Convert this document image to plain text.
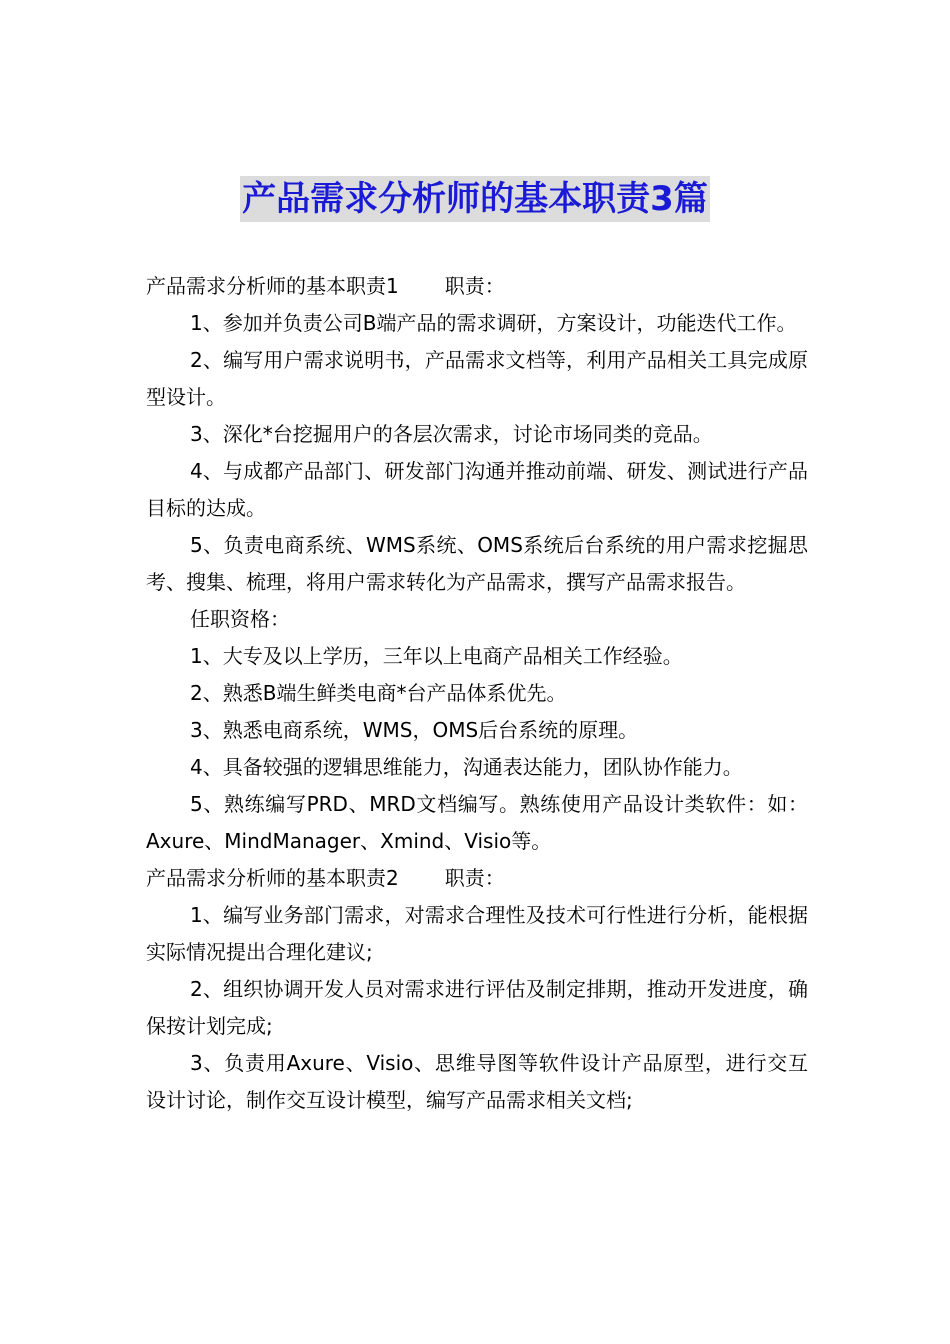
产品需求分析师的基本职责3篇

产品需求分析师的基本职责1 职责：

1、参加并负责公司B端产品的需求调研，方案设计，功能迭代工作。

2、编写用户需求说明书，产品需求文档等，利用产品相关工具完成原型设计。

3、深化*台挖掘用户的各层次需求，讨论市场同类的竞品。

4、与成都产品部门、研发部门沟通并推动前端、研发、测试进行产品目标的达成。

5、负责电商系统、WMS系统、OMS系统后台系统的用户需求挖掘思考、搜集、梳理，将用户需求转化为产品需求，撰写产品需求报告。

任职资格：

1、大专及以上学历，三年以上电商产品相关工作经验。

2、熟悉B端生鲜类电商*台产品体系优先。

3、熟悉电商系统，WMS，OMS后台系统的原理。

4、具备较强的逻辑思维能力，沟通表达能力，团队协作能力。

5、熟练编写PRD、MRD文档编写。熟练使用产品设计类软件：如：Axure、MindManager、Xmind、Visio等。

产品需求分析师的基本职责2 职责：

1、编写业务部门需求，对需求合理性及技术可行性进行分析，能根据实际情况提出合理化建议;

2、组织协调开发人员对需求进行评估及制定排期，推动开发进度，确保按计划完成;

3、负责用Axure、Visio、思维导图等软件设计产品原型，进行交互设计讨论，制作交互设计模型，编写产品需求相关文档;
